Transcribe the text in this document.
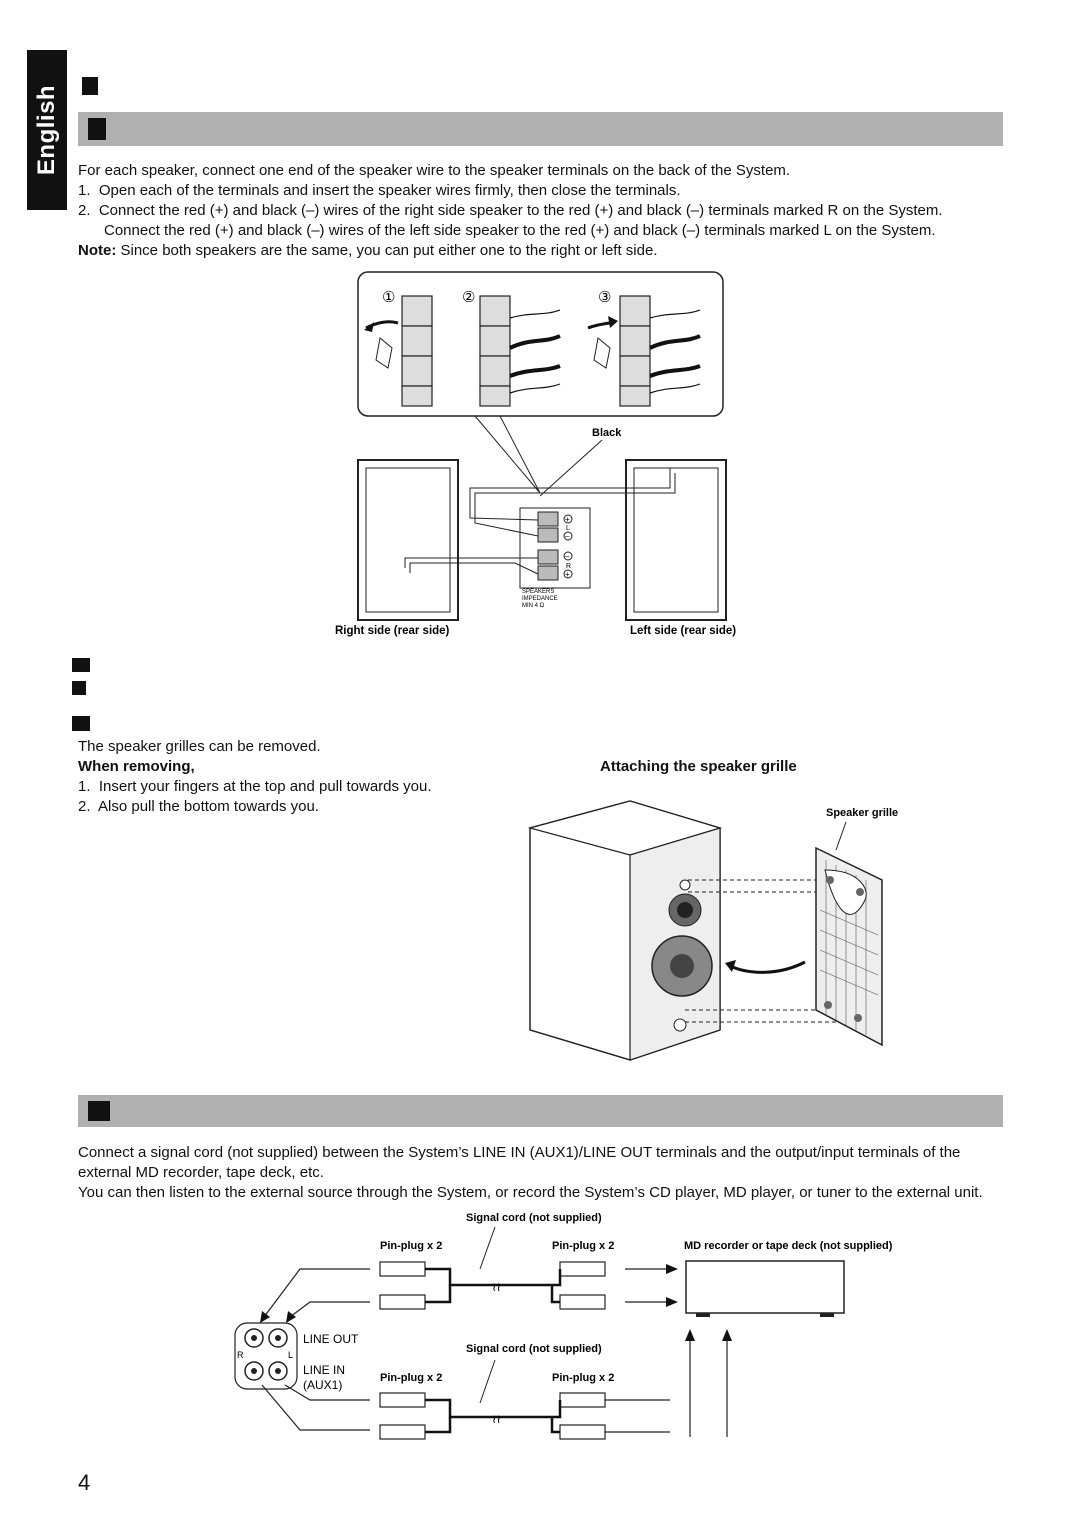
English For each speaker, connect one end of the speaker wire to the speaker terminals on the back of the System.
1.  Open each of the terminals and insert the speaker wires firmly, then close the terminals.
2.  Connect the red (+) and black (–) wires of the right side speaker to the red (+) and black (–) terminals marked R on the System.
Connect the red (+) and black (–) wires of the left side speaker to the red (+) and black (–) terminals marked L on the System.
Note: Since both speakers are the same, you can put either one to the right or left side.
①	②	③
Black
+
L
–
–
R
+
SPEAKERS
IMPEDANCE
MIN 4 Ω
Right side (rear side)	Left side (rear side)
The speaker grilles can be removed.
When removing,
1.  Insert your fingers at the top and pull towards you.
2.  Also pull the bottom towards you.
Attaching the speaker grille
Speaker grille
Connect a signal cord (not supplied) between the System’s LINE IN (AUX1)/LINE OUT terminals and the output/input terminals of the external MD recorder, tape deck, etc.
You can then listen to the external source through the System, or record the System’s CD player, MD player, or tuner to the external unit.
Signal cord (not supplied)
Pin-plug x 2	Pin-plug x 2	MD recorder or tape deck (not supplied)
≀≀
R	L
LINE OUT
LINE IN
(AUX1)
Signal cord (not supplied)
Pin-plug x 2	Pin-plug x 2
≀≀
4
